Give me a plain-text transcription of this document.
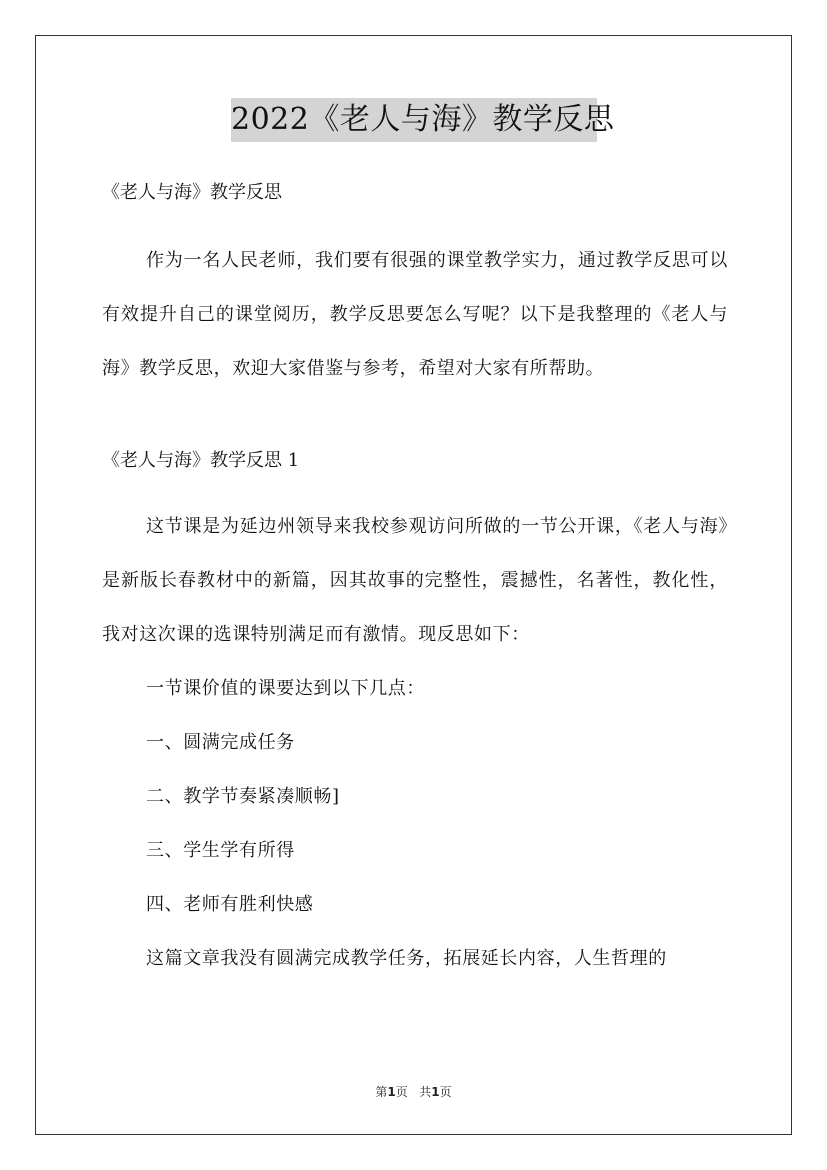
2022《老人与海》教学反思

《老人与海》教学反思

作为一名人民老师，我们要有很强的课堂教学实力，通过教学反思可以有效提升自己的课堂阅历，教学反思要怎么写呢？以下是我整理的《老人与海》教学反思，欢迎大家借鉴与参考，希望对大家有所帮助。

《老人与海》教学反思 1

这节课是为延边州领导来我校参观访问所做的一节公开课，《老人与海》是新版长春教材中的新篇，因其故事的完整性，震撼性，名著性，教化性，我对这次课的选课特别满足而有激情。现反思如下：

一节课价值的课要达到以下几点：

一、圆满完成任务

二、教学节奏紧凑顺畅]

三、学生学有所得

四、老师有胜利快感

这篇文章我没有圆满完成教学任务，拓展延长内容，人生哲理的

第1页 共1页
